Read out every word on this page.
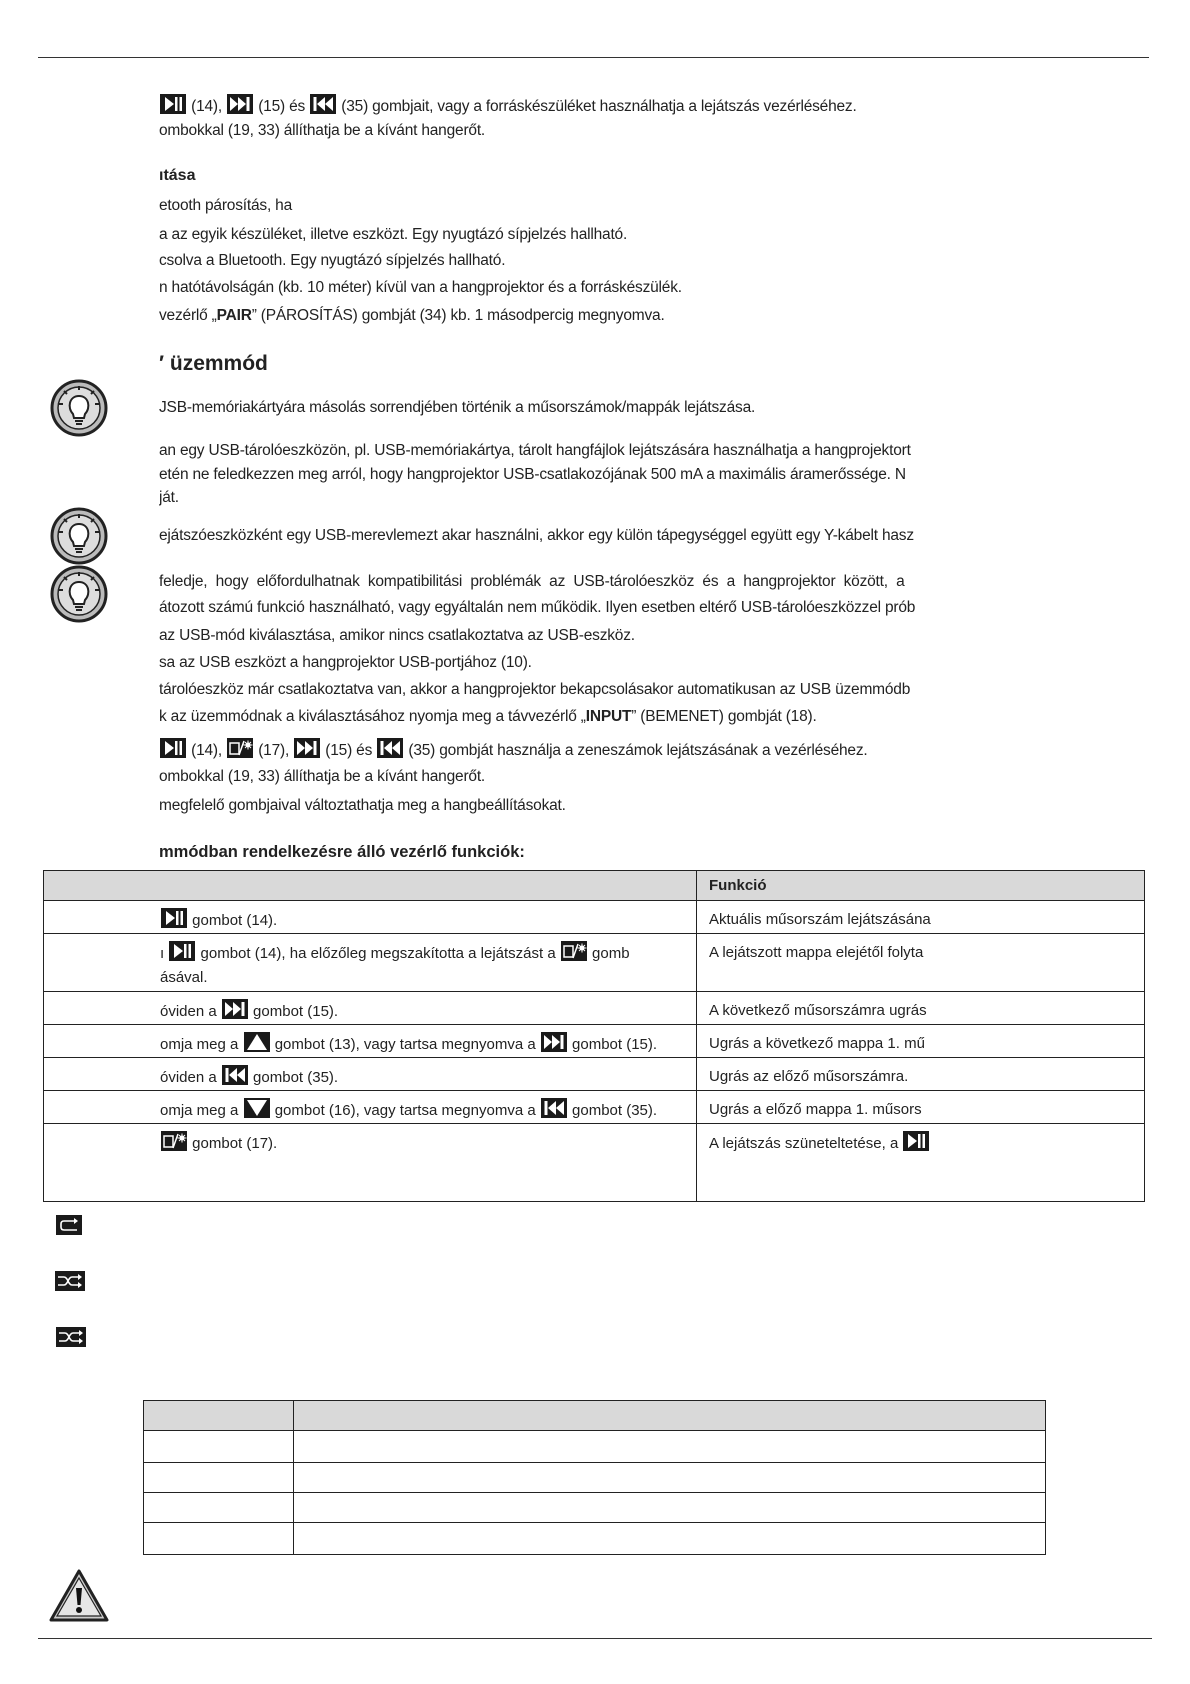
(14),
(15) és
(35) gombjait, vagy a forráskészüléket használhatja a lejátszás vezérléséhez.
ombokkal (19, 33) állíthatja be a kívánt hangerőt.
ıtása
etooth párosítás, ha
a az egyik készüléket, illetve eszközt. Egy nyugtázó sípjelzés hallható.
csolva a Bluetooth. Egy nyugtázó sípjelzés hallható.
n hatótávolságán (kb. 10 méter) kívül van a hangprojektor és a forráskészülék.
vezérlő „PAIR” (PÁROSÍTÁS) gombját (34) kb. 1 másodpercig megnyomva.
′ üzemmód
JSB-memóriakártyára másolás sorrendjében történik a műsorszámok/mappák lejátszása.
an egy USB-tárolóeszközön, pl. USB-memóriakártya, tárolt hangfájlok lejátszására használhatja a hangprojektort
etén ne feledkezzen meg arról, hogy hangprojektor USB-csatlakozójának 500 mA a maximális áramerőssége. N
ját.
ejátszóeszközként egy USB-merevlemezt akar használni, akkor egy külön tápegységgel együtt egy Y-kábelt hasz
feledje,  hogy  előfordulhatnak  kompatibilitási  problémák  az  USB-tárolóeszköz  és  a  hangprojektor  között,  a
átozott számú funkció használható, vagy egyáltalán nem működik. Ilyen esetben eltérő USB-tárolóeszközzel prób
az USB-mód kiválasztása, amikor nincs csatlakoztatva az USB-eszköz.
sa az USB eszközt a hangprojektor USB-portjához (10).
tárolóeszköz már csatlakoztatva van, akkor a hangprojektor bekapcsolásakor automatikusan az USB üzemmódb
k az üzemmódnak a kiválasztásához nyomja meg a távvezérlő „INPUT” (BEMENET) gombját (18).
(14),
(17),
(15) és
(35) gombját használja a zeneszámok lejátszásának a vezérléséhez.
ombokkal (19, 33) állíthatja be a kívánt hangerőt.
megfelelő gombjaival változtathatja meg a hangbeállításokat.
mmódban rendelkezésre álló vezérlő funkciók:

	Funkció

gombot (14).	Aktuális műsorszám lejátszásána

ı
gombot (14), ha előzőleg megszakította a lejátszást a
gomb
ásával.	A lejátszott mappa elejétől folyta

óviden a
gombot (15).	A következő műsorszámra ugrás

omja meg a
gombot (13), vagy tartsa megnyomva a
gombot (15).	Ugrás a következő mappa 1. mű

óviden a
gombot (35).	Ugrás az előző műsorszámra.

omja meg a
gombot (16), vagy tartsa megnyomva a
gombot (35).	Ugrás a előző mappa 1. műsors

gombot (17).	A lejátszás szüneteltetése, a
